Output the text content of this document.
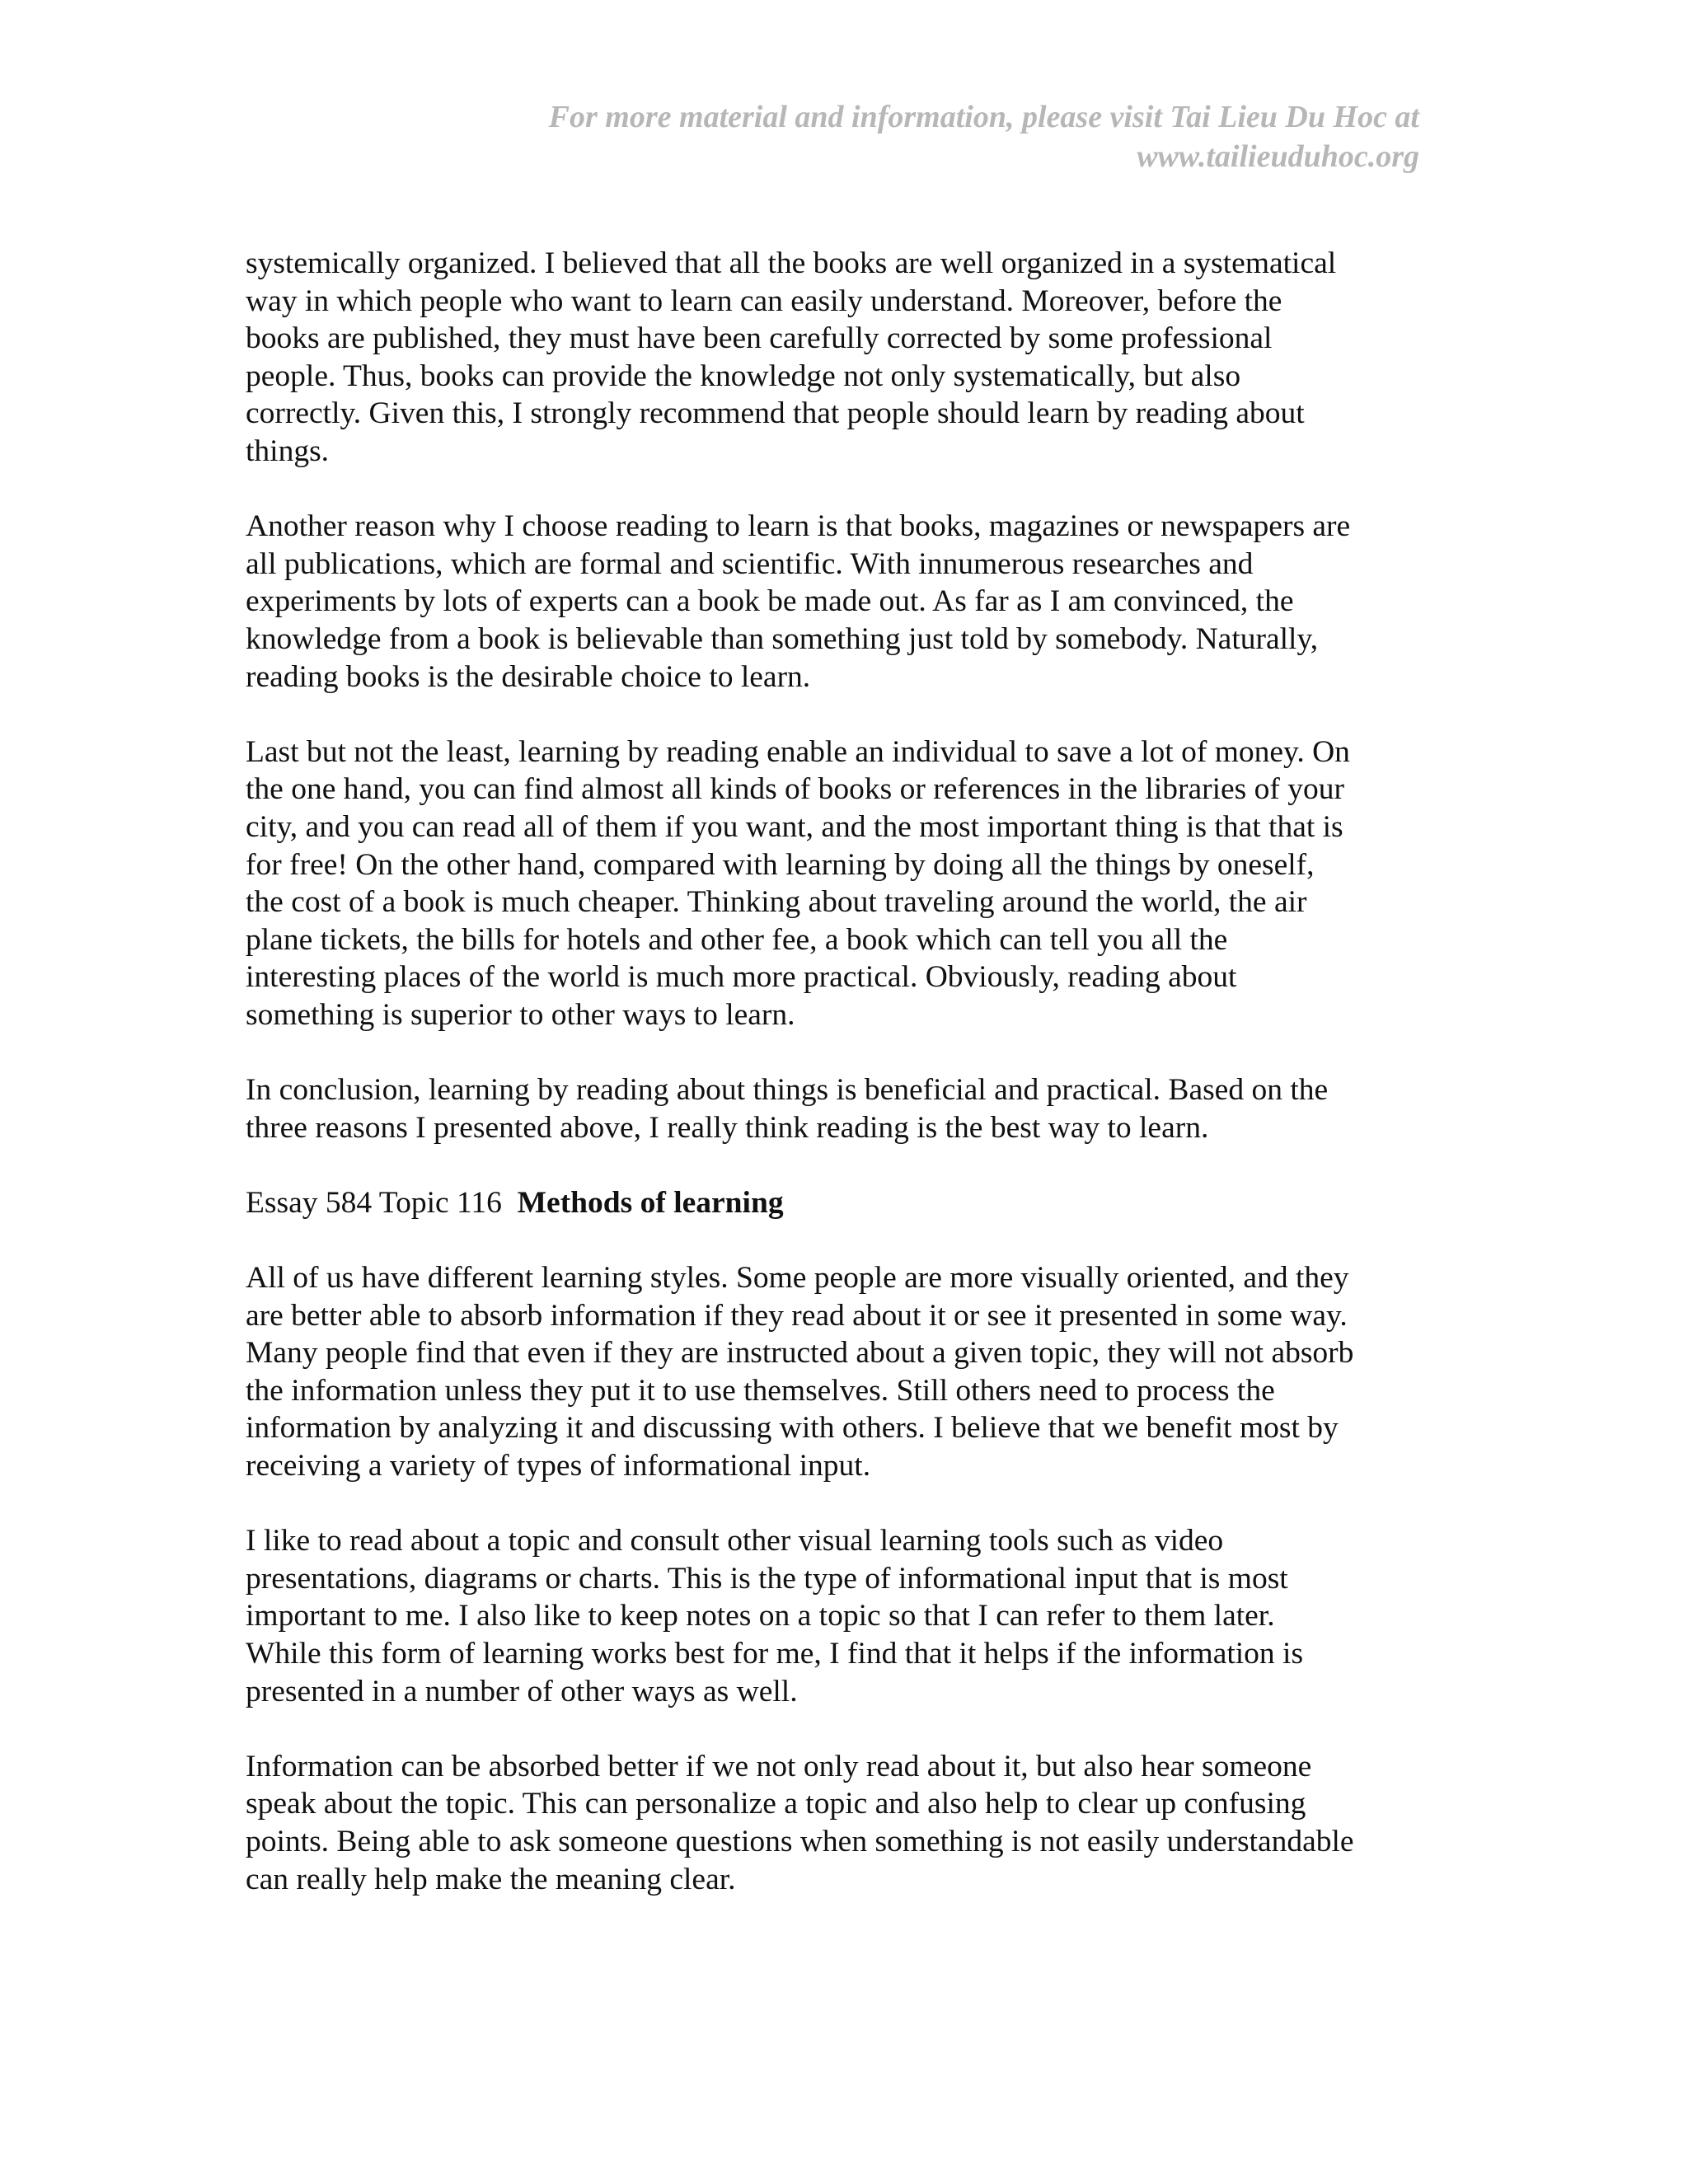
For more material and information, please visit Tai Lieu Du Hoc at
www.tailieuduhoc.org

systemically organized. I believed that all the books are well organized in a systematical
way in which people who want to learn can easily understand. Moreover, before the
books are published, they must have been carefully corrected by some professional
people. Thus, books can provide the knowledge not only systematically, but also
correctly. Given this, I strongly recommend that people should learn by reading about
things.

Another reason why I choose reading to learn is that books, magazines or newspapers are
all publications, which are formal and scientific. With innumerous researches and
experiments by lots of experts can a book be made out. As far as I am convinced, the
knowledge from a book is believable than something just told by somebody. Naturally,
reading books is the desirable choice to learn.

Last but not the least, learning by reading enable an individual to save a lot of money. On
the one hand, you can find almost all kinds of books or references in the libraries of your
city, and you can read all of them if you want, and the most important thing is that that is
for free! On the other hand, compared with learning by doing all the things by oneself,
the cost of a book is much cheaper. Thinking about traveling around the world, the air
plane tickets, the bills for hotels and other fee, a book which can tell you all the
interesting places of the world is much more practical. Obviously, reading about
something is superior to other ways to learn.

In conclusion, learning by reading about things is beneficial and practical. Based on the
three reasons I presented above, I really think reading is the best way to learn.

Essay 584 Topic 116 Methods of learning

All of us have different learning styles. Some people are more visually oriented, and they
are better able to absorb information if they read about it or see it presented in some way.
Many people find that even if they are instructed about a given topic, they will not absorb
the information unless they put it to use themselves. Still others need to process the
information by analyzing it and discussing with others. I believe that we benefit most by
receiving a variety of types of informational input.

I like to read about a topic and consult other visual learning tools such as video
presentations, diagrams or charts. This is the type of informational input that is most
important to me. I also like to keep notes on a topic so that I can refer to them later.
While this form of learning works best for me, I find that it helps if the information is
presented in a number of other ways as well.

Information can be absorbed better if we not only read about it, but also hear someone
speak about the topic. This can personalize a topic and also help to clear up confusing
points. Being able to ask someone questions when something is not easily understandable
can really help make the meaning clear.
